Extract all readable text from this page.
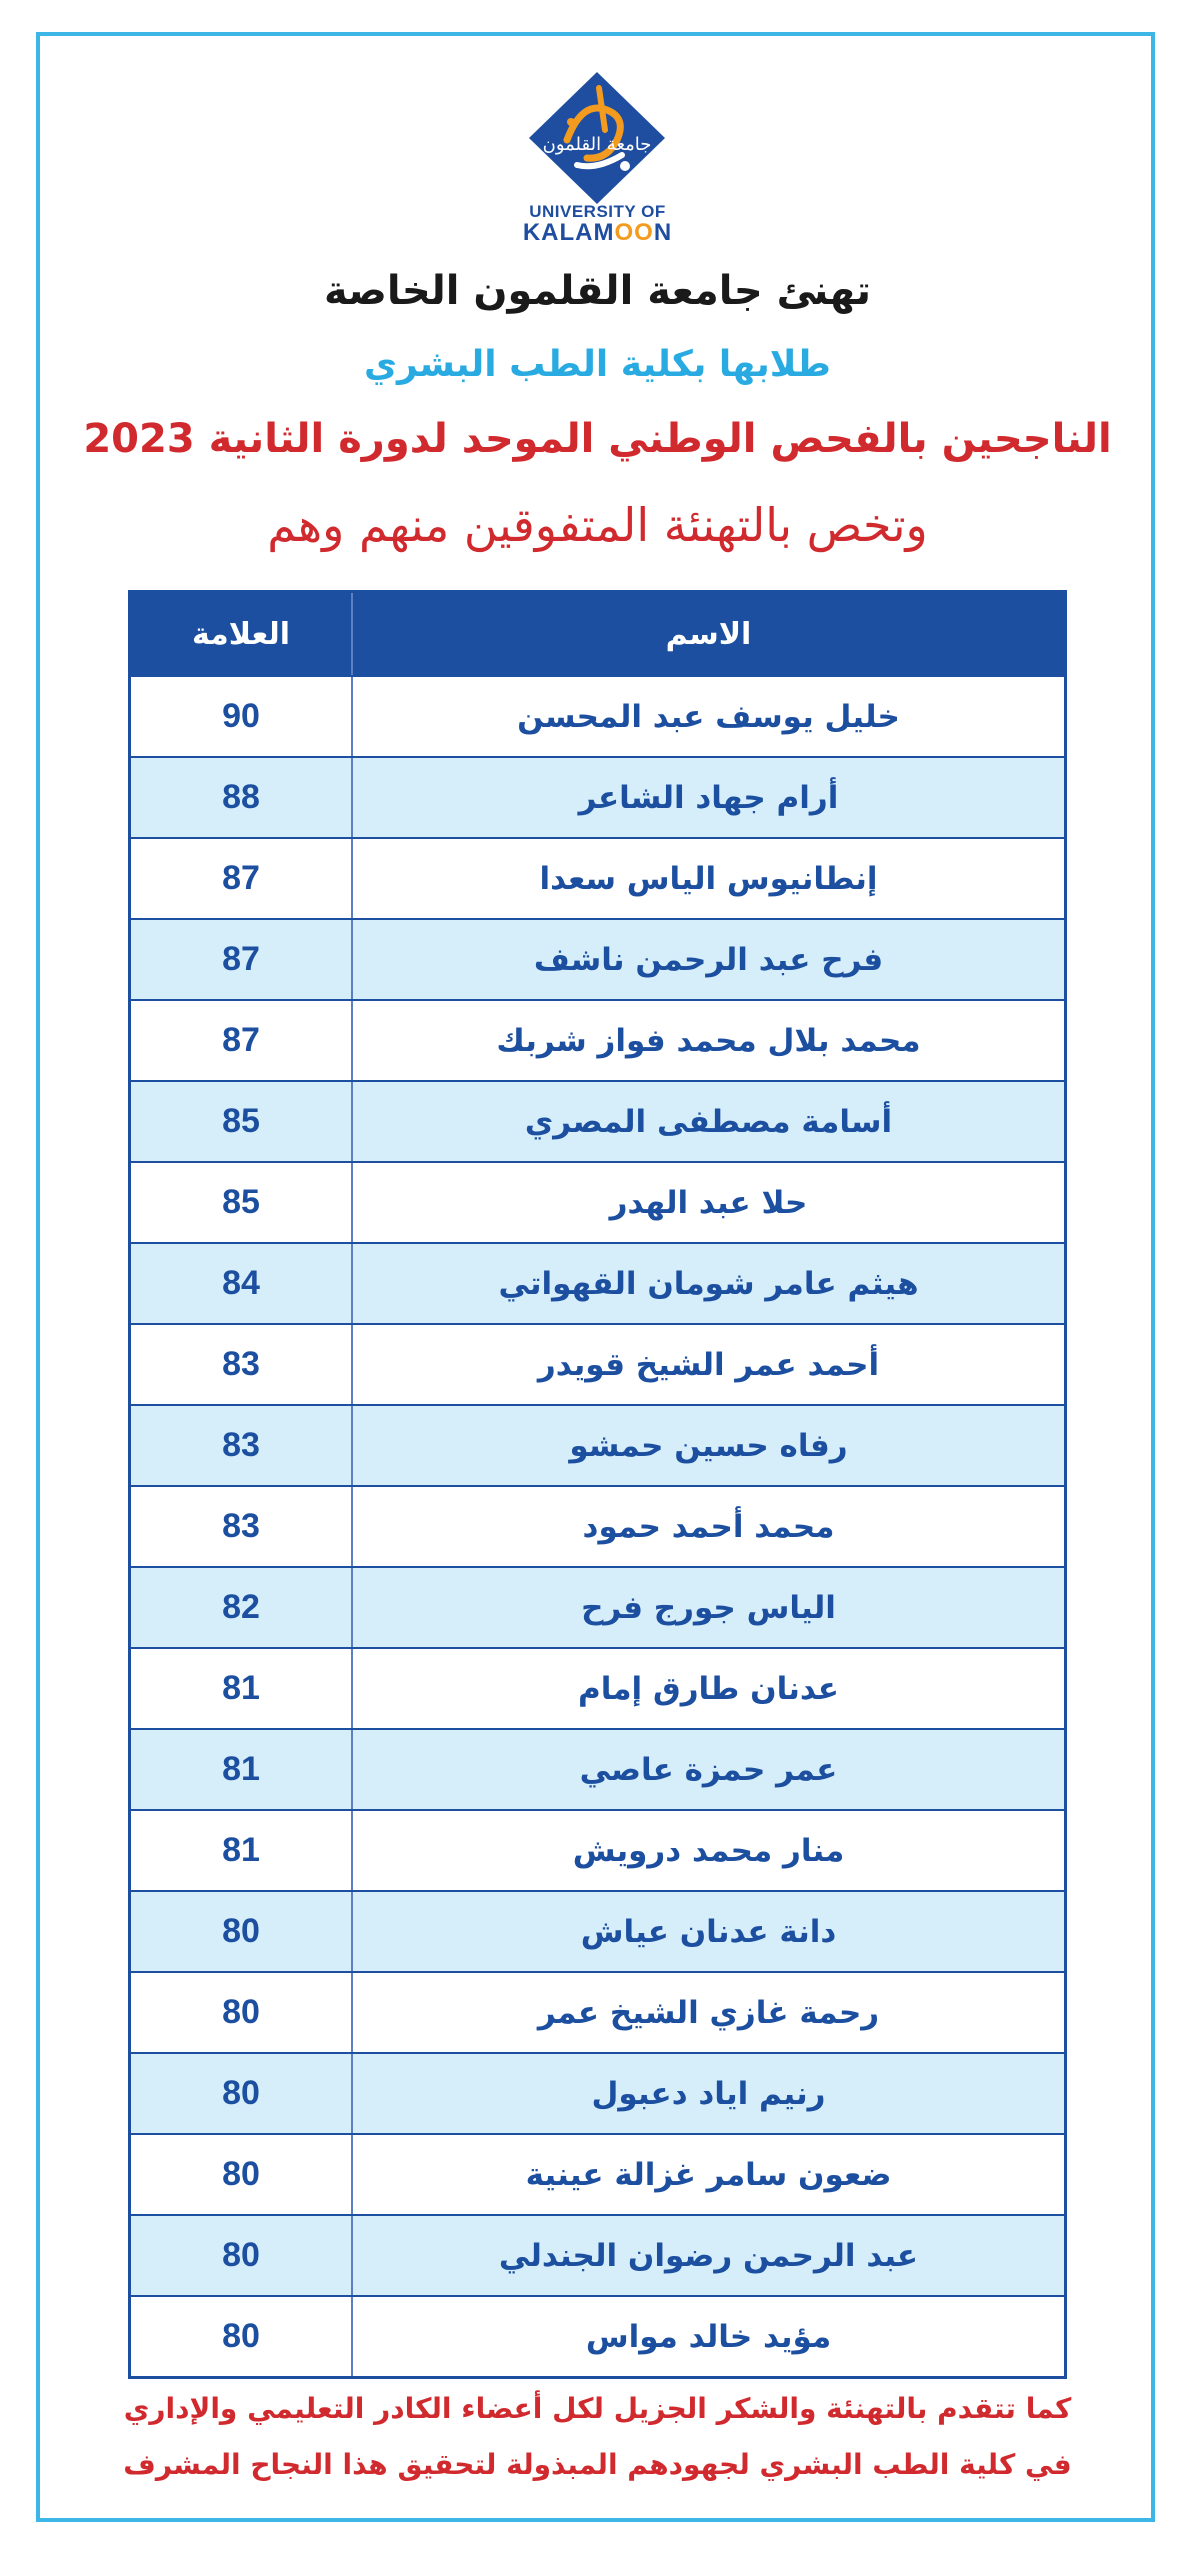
جامعة القلمون
UNIVERSITY OF
KALAMOON

تهنئ جامعة القلمون الخاصة

طلابها بكلية الطب البشري

الناجحين بالفحص الوطني الموحد لدورة الثانية 2023

وتخص بالتهنئة المتفوقين منهم وهم

الاسم
العلامة
خليل يوسف عبد المحسن
90
أرام جهاد الشاعر
88
إنطانيوس الياس سعدا
87
فرح عبد الرحمن ناشف
87
محمد بلال محمد فواز شربك
87
أسامة مصطفى المصري
85
حلا عبد الهدر
85
هيثم عامر شومان القهواتي
84
أحمد عمر الشيخ قويدر
83
رفاه حسين حمشو
83
محمد أحمد حمود
83
الياس جورج فرح
82
عدنان طارق إمام
81
عمر حمزة عاصي
81
منار محمد درويش
81
دانة عدنان عياش
80
رحمة غازي الشيخ عمر
80
رنيم اياد دعبول
80
ضعون سامر غزالة عينية
80
عبد الرحمن رضوان الجندلي
80
مؤيد خالد مواس
80

كما تتقدم بالتهنئة والشكر الجزيل لكل أعضاء الكادر التعليمي والإداري

في كلية الطب البشري لجهودهم المبذولة لتحقيق هذا النجاح المشرف
